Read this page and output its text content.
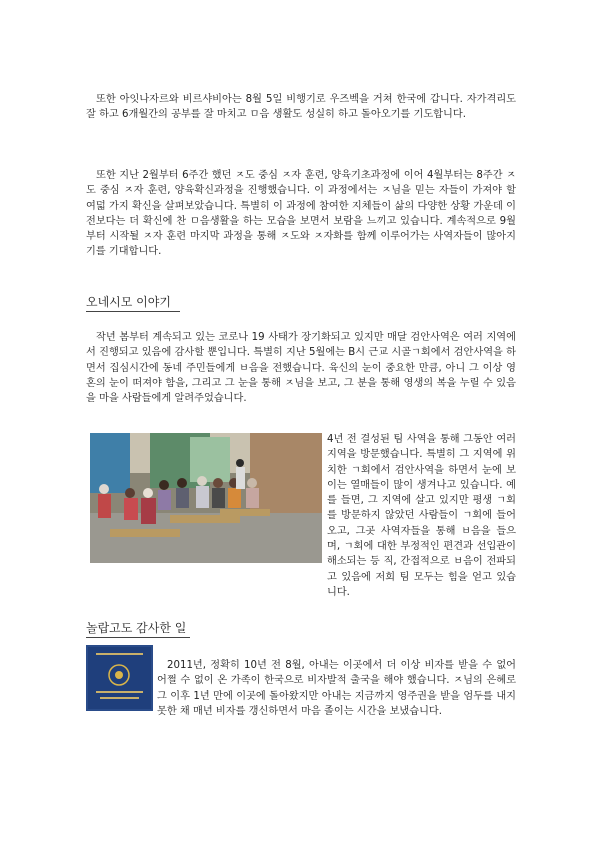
또한 아잇나자르와 비르샤비아는 8월 5일 비행기로 우즈벡을 거쳐 한국에 갑니다. 자가격리도 잘 하고 6개월간의 공부를 잘 마치고 ㅁ음 생활도 성실히 하고 돌아오기를 기도합니다.

또한 지난 2월부터 6주간 했던 ㅈ도 중심 ㅈ자 훈련, 양육기초과정에 이어 4월부터는 8주간 ㅈ도 중심 ㅈ자 훈련, 양육확신과정을 진행했습니다. 이 과정에서는 ㅈ님을 믿는 자들이 가져야 할 여덟 가지 확신을 살펴보았습니다. 특별히 이 과정에 참여한 지체들이 삶의 다양한 상황 가운데 이전보다는 더 확신에 찬 ㅁ음생활을 하는 모습을 보면서 보람을 느끼고 있습니다. 계속적으로 9월부터 시작될 ㅈ자 훈련 마지막 과정을 통해 ㅈ도와 ㅈ자화를 함께 이루어가는 사역자들이 많아지기를 기대합니다.

오네시모 이야기

작년 봄부터 계속되고 있는 코로나 19 사태가 장기화되고 있지만 매달 검안사역은 여러 지역에서 진행되고 있음에 감사할 뿐입니다. 특별히 지난 5월에는 B시 근교 시골ㄱ회에서 검안사역을 하면서 집심시간에 동네 주민들에게 ㅂ음을 전했습니다. 육신의 눈이 중요한 만큼, 아니 그 이상 영혼의 눈이 떠져야 함을, 그리고 그 눈을 통해 ㅈ님을 보고, 그 분을 통해 영생의 복을 누릴 수 있음을 마을 사람들에게 알려주었습니다.

4년 전 결성된 팀 사역을 통해 그동안 여러 지역을 방문했습니다. 특별히 그 지역에 위치한 ㄱ회에서 검안사역을 하면서 눈에 보이는 열매들이 많이 생겨나고 있습니다. 예를 들면, 그 지역에 살고 있지만 평생 ㄱ회를 방문하지 않았던 사람들이 ㄱ회에 들어오고, 그곳 사역자들을 통해 ㅂ음을 들으며, ㄱ회에 대한 부정적인 편견과 선입관이 해소되는 등 직, 간접적으로 ㅂ음이 전파되고 있음에 저희 팀 모두는 힘을 얻고 있습니다.

놀랍고도 감사한 일

2011년, 정확히 10년 전 8월, 아내는 이곳에서 더 이상 비자를 받을 수 없어 어쩔 수 없이 온 가족이 한국으로 비자발적 출국을 해야 했습니다. ㅈ님의 은혜로 그 이후 1년 만에 이곳에 돌아왔지만 아내는 지금까지 영주권을 받을 엄두를 내지 못한 채 매년 비자를 갱신하면서 마음 졸이는 시간을 보냈습니다.
